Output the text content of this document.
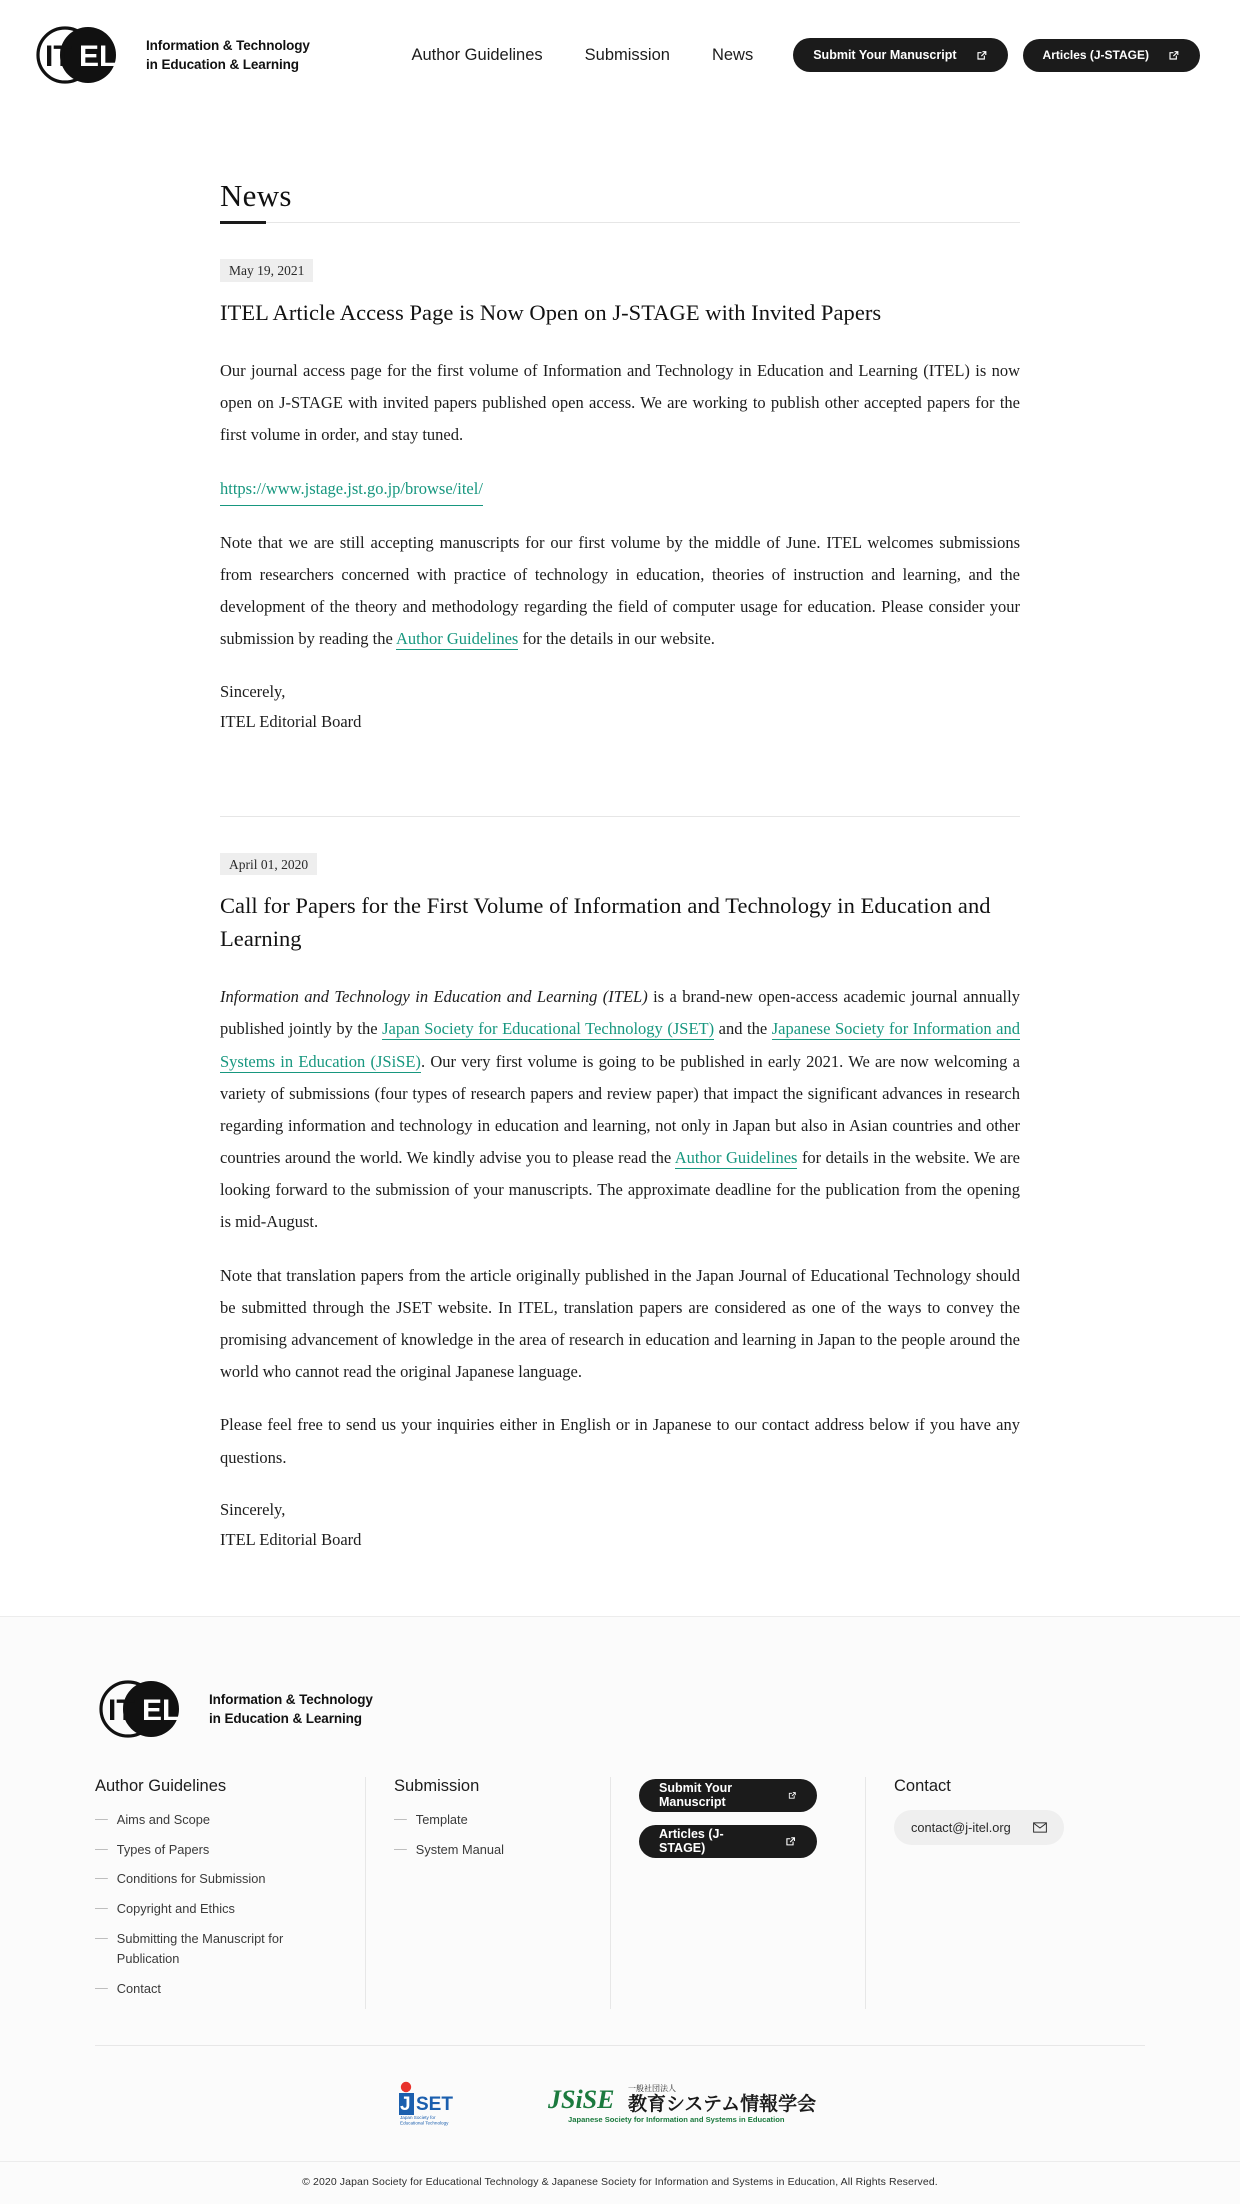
IT EL Information & Technology
in Education & Learning
Author Guidelines	Submission	News	Submit Your Manuscript	Articles (J-STAGE)
News
May 19, 2021
ITEL Article Access Page is Now Open on J-STAGE with Invited Papers

Our journal access page for the first volume of Information and Technology in Education and Learning (ITEL) is now open on J-STAGE with invited papers published open access. We are working to publish other accepted papers for the first volume in order, and stay tuned.

https://www.jstage.jst.go.jp/browse/itel/

Note that we are still accepting manuscripts for our first volume by the middle of June. ITEL welcomes submissions from researchers concerned with practice of technology in education, theories of instruction and learning, and the development of the theory and methodology regarding the field of computer usage for education. Please consider your submission by reading the Author Guidelines for the details in our website.

Sincerely,
ITEL Editorial Board

April 01, 2020
Call for Papers for the First Volume of Information and Technology in Education and Learning

Information and Technology in Education and Learning (ITEL) is a brand-new open-access academic journal annually published jointly by the Japan Society for Educational Technology (JSET) and the Japanese Society for Information and Systems in Education (JSiSE). Our very first volume is going to be published in early 2021. We are now welcoming a variety of submissions (four types of research papers and review paper) that impact the significant advances in research regarding information and technology in education and learning, not only in Japan but also in Asian countries and other countries around the world. We kindly advise you to please read the Author Guidelines for details in the website. We are looking forward to the submission of your manuscripts. The approximate deadline for the publication from the opening is mid-August.

Note that translation papers from the article originally published in the Japan Journal of Educational Technology should be submitted through the JSET website. In ITEL, translation papers are considered as one of the ways to convey the promising advancement of knowledge in the area of research in education and learning in Japan to the people around the world who cannot read the original Japanese language.

Please feel free to send us your inquiries either in English or in Japanese to our contact address below if you have any questions.

Sincerely,
ITEL Editorial Board

IT EL Information & Technology
in Education & Learning
Author Guidelines
— Aims and Scope
— Types of Papers
— Conditions for Submission
— Copyright and Ethics
— Submitting the Manuscript for Publication
— Contact
Submission
— Template
— System Manual
Submit Your Manuscript
Articles (J-STAGE)
Contact
contact@j-itel.org
J SET
Japan Society for
Educational Technology
JSiSE 一般社団法人
教育システム情報学会
Japanese Society for Information and Systems in Education
© 2020 Japan Society for Educational Technology & Japanese Society for Information and Systems in Education, All Rights Reserved.
